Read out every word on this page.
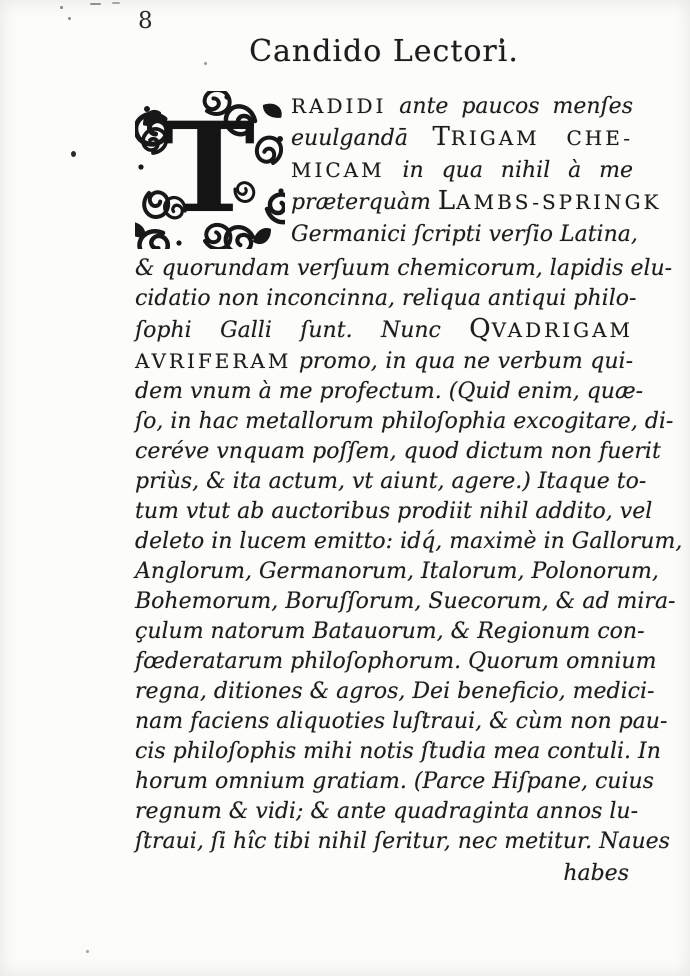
8
Candido Lectori.
T RADIDI ante paucos menſes
euulgandā TRIGAM CHE-
MICAM in qua nihil à me
præterquàm LAMBS-SPRINGK
Germanici ſcripti verſio Latina,
& quorundam verſuum chemicorum, lapidis elu-
cidatio non inconcinna, reliqua antiqui philo-
ſophi Galli ſunt. Nunc QVADRIGAM
AVRIFERAM promo, in qua ne verbum qui-
dem vnum à me profectum. (Quid enim, quæ-
ſo, in hac metallorum philoſophia excogitare, di-
ceréve vnquam poſſem, quod dictum non fuerit
priùs, & ita actum, vt aiunt, agere.) Itaque to-
tum vtut ab auctoribus prodiit nihil addito, vel
deleto in lucem emitto: idq́, maximè in Gallorum,
Anglorum, Germanorum, Italorum, Polonorum,
Bohemorum, Boruſſorum, Suecorum, & ad mira-
çulum natorum Batauorum, & Regionum con-
fœderatarum philoſophorum. Quorum omnium
regna, ditiones & agros, Dei beneficio, medici-
nam faciens aliquoties luſtraui, & cùm non pau-
cis philoſophis mihi notis ſtudia mea contuli. In
horum omnium gratiam. (Parce Hiſpane, cuius
regnum & vidi; & ante quadraginta annos lu-
ſtraui, ſi hîc tibi nihil ſeritur, nec metitur. Naues
habes
